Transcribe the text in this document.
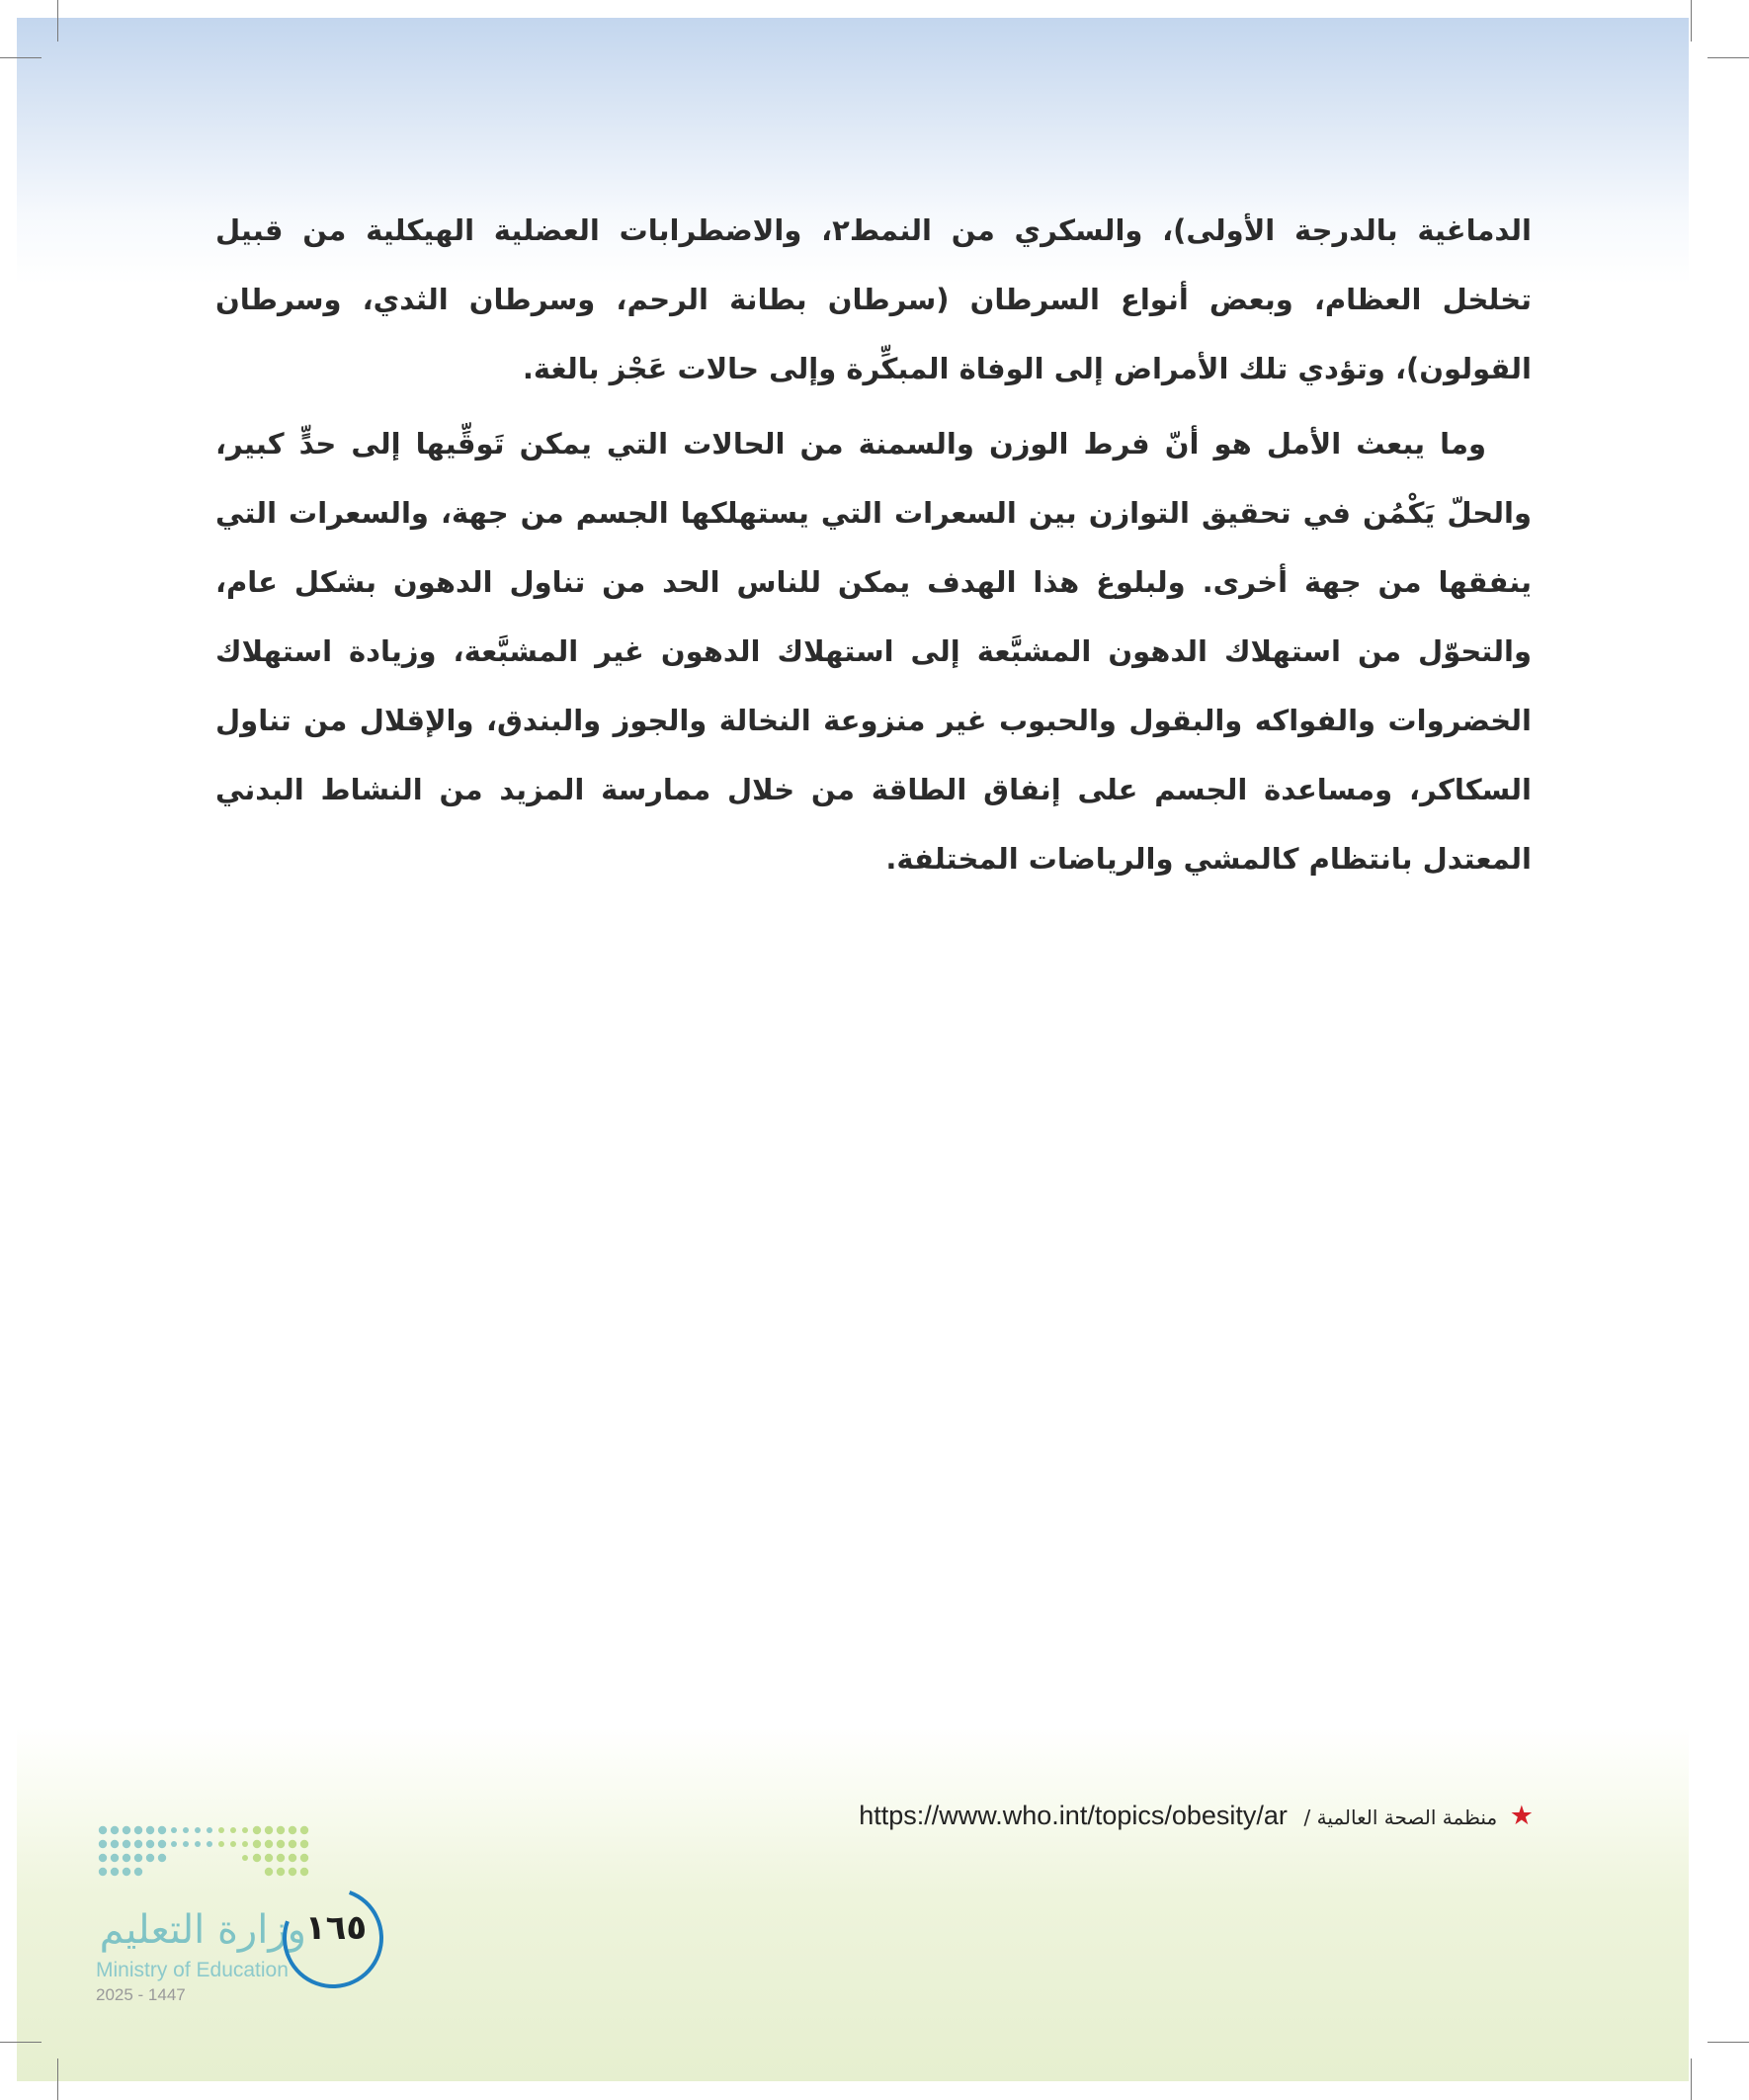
الدماغية بالدرجة الأولى)، والسكري من النمط٢، والاضطرابات العضلية الهيكلية من قبيل تخلخل العظام، وبعض أنواع السرطان (سرطان بطانة الرحم، وسرطان الثدي، وسرطان القولون)، وتؤدي تلك الأمراض إلى الوفاة المبكِّرة وإلى حالات عَجْز بالغة.

وما يبعث الأمل هو أنّ فرط الوزن والسمنة من الحالات التي يمكن تَوقِّيها إلى حدٍّ كبير، والحلّ يَكْمُن في تحقيق التوازن بين السعرات التي يستهلكها الجسم من جهة، والسعرات التي ينفقها من جهة أخرى. ولبلوغ هذا الهدف يمكن للناس الحد من تناول الدهون بشكل عام، والتحوّل من استهلاك الدهون المشبَّعة إلى استهلاك الدهون غير المشبَّعة، وزيادة استهلاك الخضروات والفواكه والبقول والحبوب غير منزوعة النخالة والجوز والبندق، والإقلال من تناول السكاكر، ومساعدة الجسم على إنفاق الطاقة من خلال ممارسة المزيد من النشاط البدني المعتدل بانتظام كالمشي والرياضات المختلفة.

★ منظمة الصحة العالمية / https://www.who.int/topics/obesity/ar
وزارة التعليم
Ministry of Education
2025 - 1447
١٦٥
